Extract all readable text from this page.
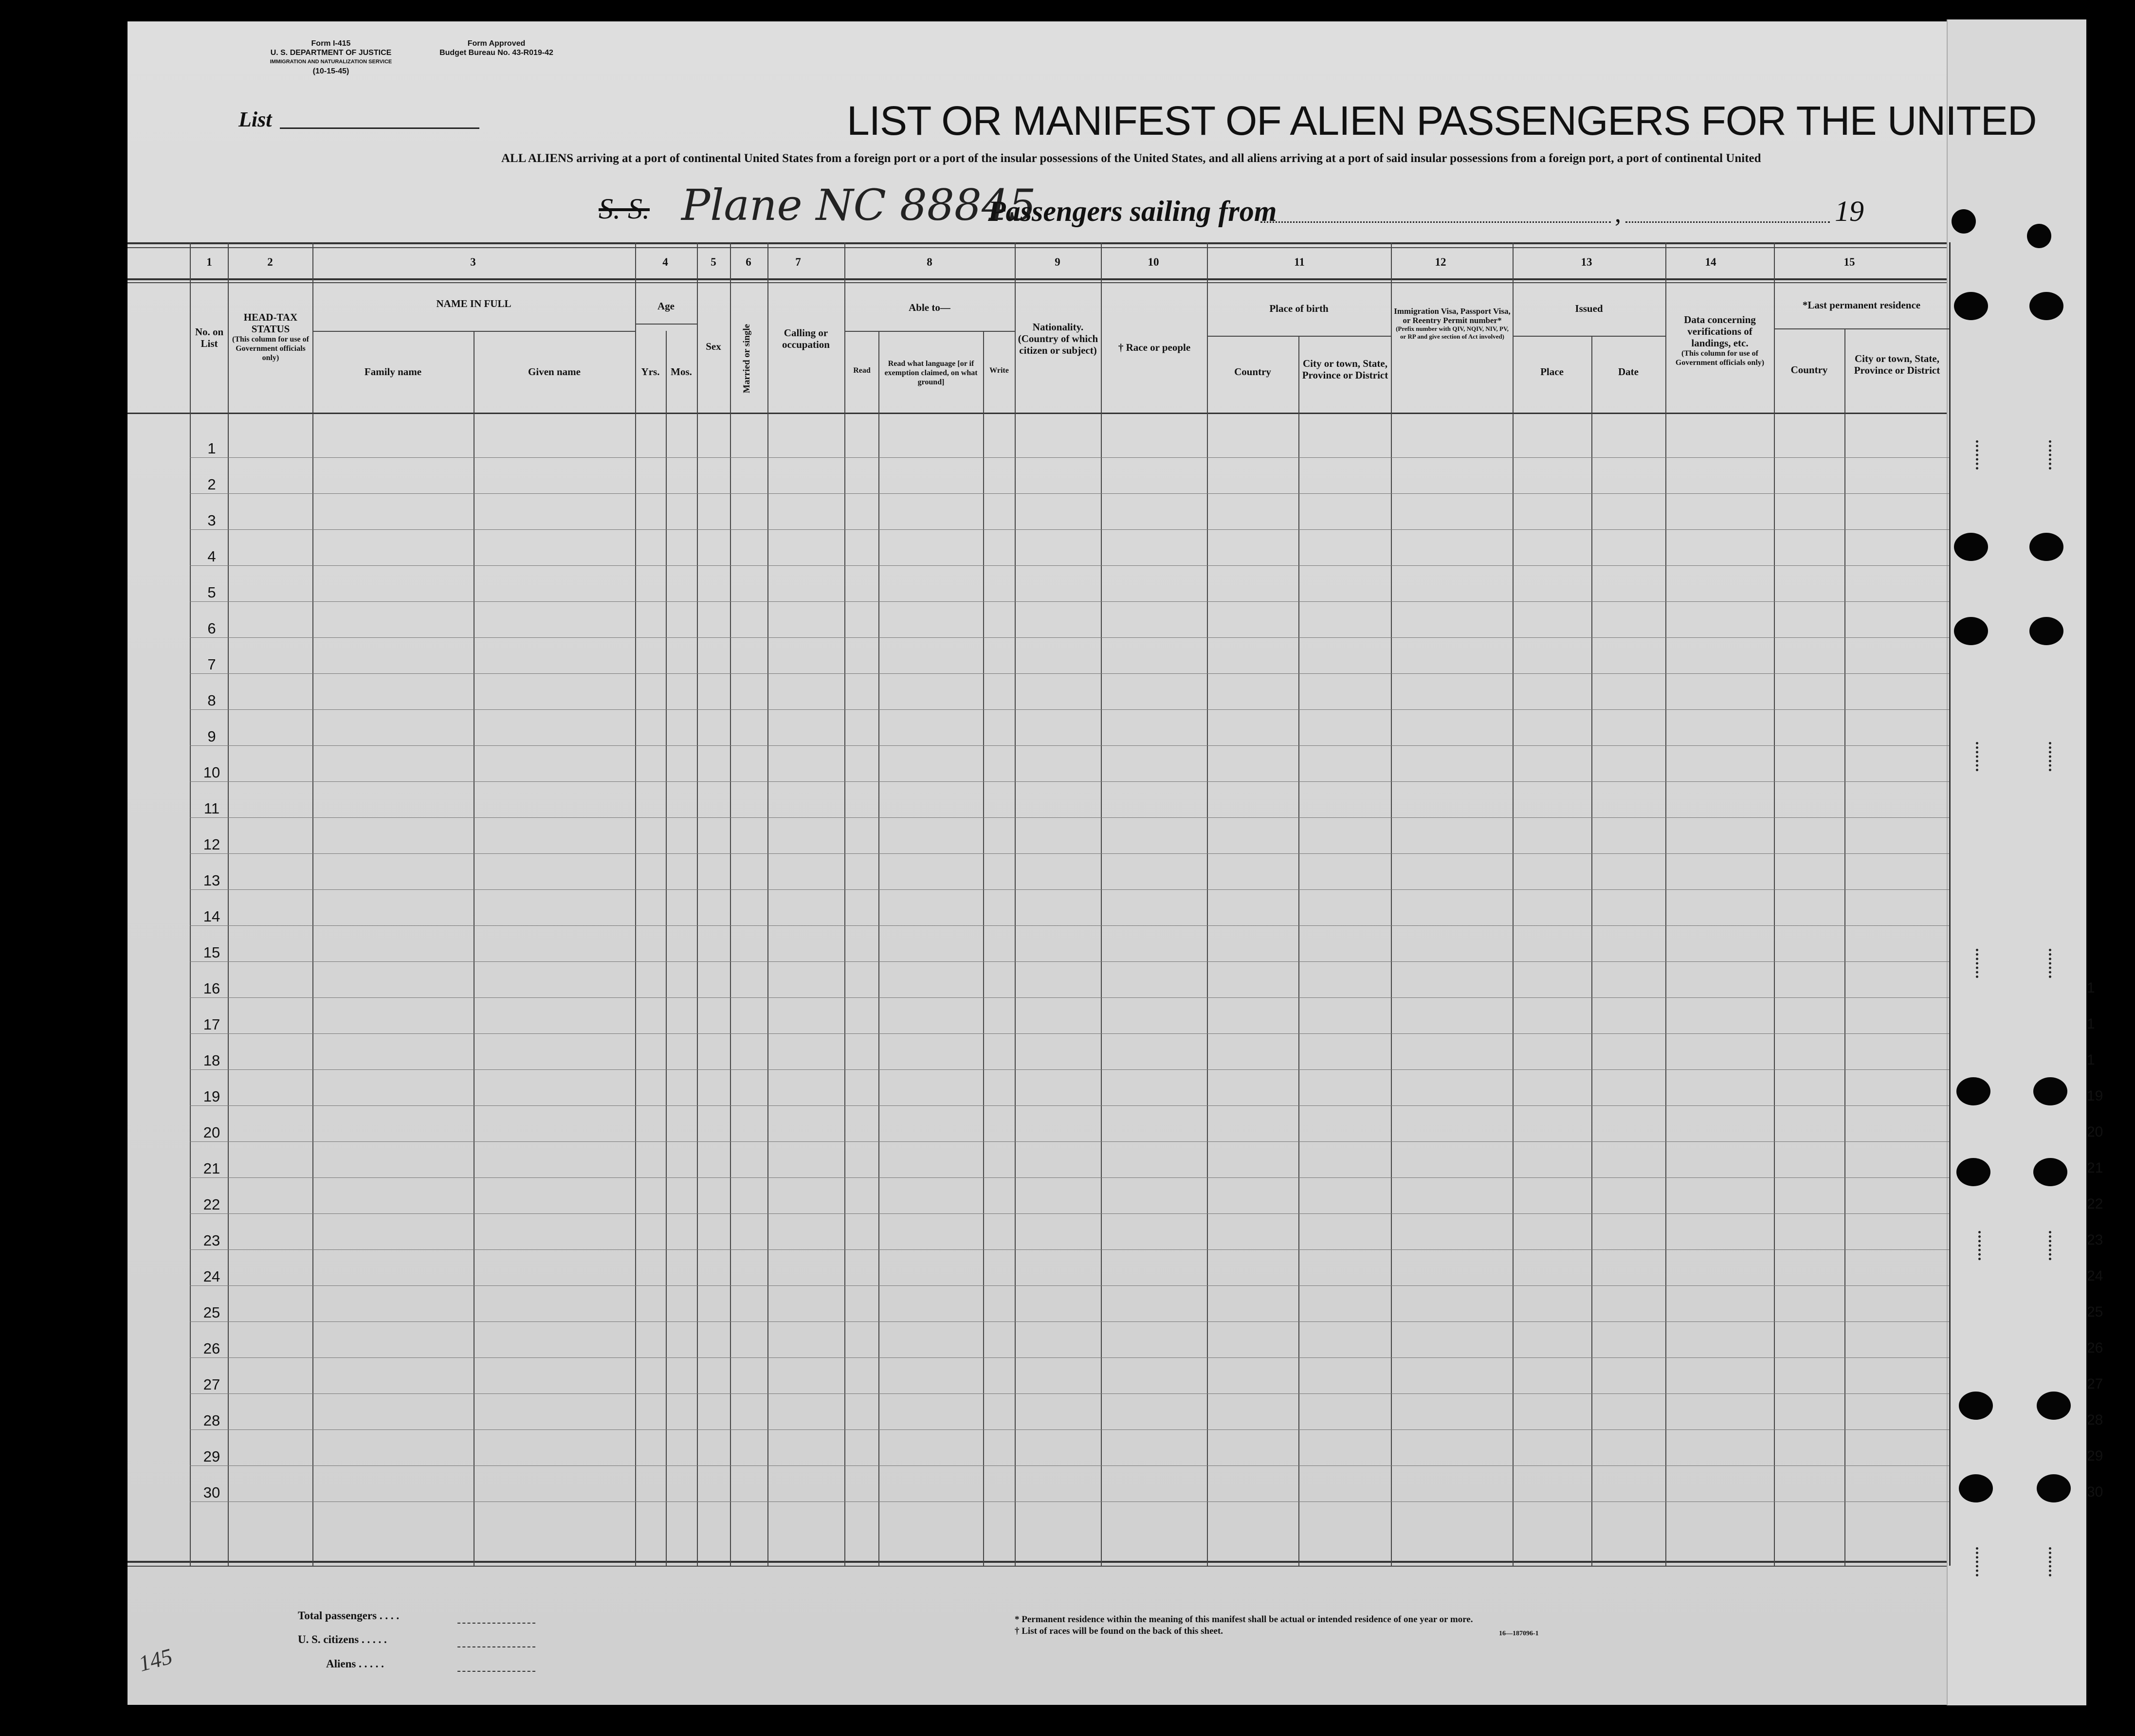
Form I-415
U. S. DEPARTMENT OF JUSTICE
IMMIGRATION AND NATURALIZATION SERVICE
(10-15-45)
Form Approved
Budget Bureau No. 43-R019-42
List	LIST OR MANIFEST OF ALIEN PASSENGERS FOR THE UNITED
ALL ALIENS arriving at a port of continental United States from a foreign port or a port of the insular possessions of the United States, and all aliens arriving at a port of said insular possessions from a foreign port, a port of continental United
S. S. Plane NC 88845
Passengers sailing from	,	19
1	2	3	4	5	6	7	8	9	10	11	12	13	14	15
No. on List
HEAD-TAX STATUS
(This column for use of Government officials only)
NAME IN FULL
Family name	Given name
Age
Yrs.	Mos.
Sex	Married or single	Calling or occupation
Able to—
Read
Read what language [or if exemption claimed, on what ground]
Write
Nationality. (Country of which citizen or subject)	† Race or people
Place of birth
Country
City or town, State, Province or District
Immigration Visa, Passport Visa, or Reentry Permit number*
(Prefix number with QIV, NQIV, NIV, PV, or RP and give section of Act involved)
Issued
Place	Date
Data concerning verifications of landings, etc.
(This column for use of Government officials only)
*Last permanent residence
Country
City or town, State, Province or District
1
2
3
4
5
6
7
8
9
10
11
12
13
14
15
16
17
18
19
20
21
22
23
24
25
26
27
28
29
30
1
1
1
19
20
21
22
23
24
25
26
27
28
29
30
Total passengers . . . .
U. S. citizens . . . . .
Aliens . . . . .
* Permanent residence within the meaning of this manifest shall be actual or intended residence of one year or more.
† List of races will be found on the back of this sheet.	16—187096-1
145
